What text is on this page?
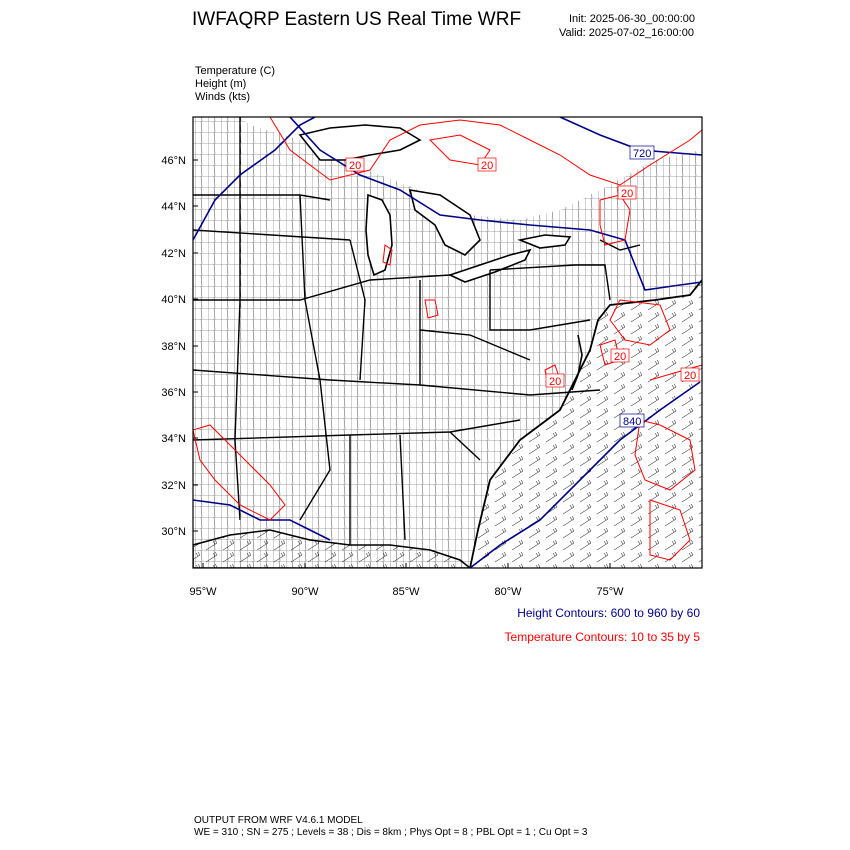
IWFAQRP Eastern US Real Time WRF	Init: 2025-06-30_00:00:00
Valid: 2025-07-02_16:00:00
Temperature (C)
Height (m)
Winds (kts)
720
840
20
20
20
20
20
20
46°N
44°N
42°N
40°N
38°N
36°N
34°N
32°N
30°N
95°W	90°W	85°W	80°W	75°W
Height Contours: 600 to 960 by 60
Temperature Contours: 10 to 35 by 5
OUTPUT FROM WRF V4.6.1 MODEL
WE = 310 ; SN = 275 ; Levels = 38 ; Dis = 8km ; Phys Opt = 8 ; PBL Opt = 1 ; Cu Opt = 3
